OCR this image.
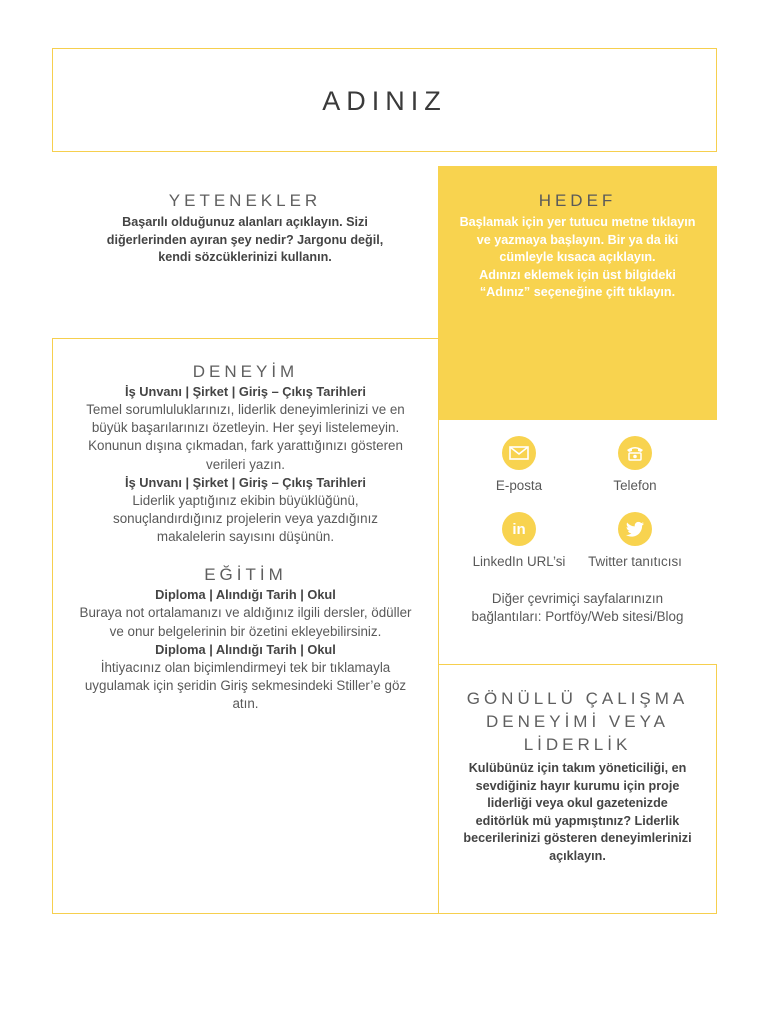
ADINIZ
YETENEKLER
Başarılı olduğunuz alanları açıklayın. Sizi diğerlerinden ayıran şey nedir? Jargonu değil, kendi sözcüklerinizi kullanın.
HEDEF
Başlamak için yer tutucu metne tıklayın ve yazmaya başlayın. Bir ya da iki cümleyle kısaca açıklayın.
Adınızı eklemek için üst bilgideki “Adınız” seçeneğine çift tıklayın.
DENEYİM
İş Unvanı | Şirket | Giriş – Çıkış Tarihleri
Temel sorumluluklarınızı, liderlik deneyimlerinizi ve en büyük başarılarınızı özetleyin. Her şeyi listelemeyin. Konunun dışına çıkmadan, fark yarattığınızı gösteren verileri yazın.
İş Unvanı | Şirket | Giriş – Çıkış Tarihleri
Liderlik yaptığınız ekibin büyüklüğünü, sonuçlandırdığınız projelerin veya yazdığınız makalelerin sayısını düşünün.
EĞİTİM
Diploma | Alındığı Tarih | Okul
Buraya not ortalamanızı ve aldığınız ilgili dersler, ödüller ve onur belgelerinin bir özetini ekleyebilirsiniz.
Diploma | Alındığı Tarih | Okul
İhtiyacınız olan biçimlendirmeyi tek bir tıklamayla uygulamak için şeridin Giriş sekmesindeki Stiller’e göz atın.
E-posta	Telefon
in
LinkedIn URL’si	Twitter tanıtıcısı
Diğer çevrimiçi sayfalarınızın bağlantıları: Portföy/Web sitesi/Blog
GÖNÜLLÜ ÇALIŞMA DENEYİMİ VEYA LİDERLİK
Kulübünüz için takım yöneticiliği, en sevdiğiniz hayır kurumu için proje liderliği veya okul gazetenizde editörlük mü yapmıştınız? Liderlik becerilerinizi gösteren deneyimlerinizi açıklayın.
